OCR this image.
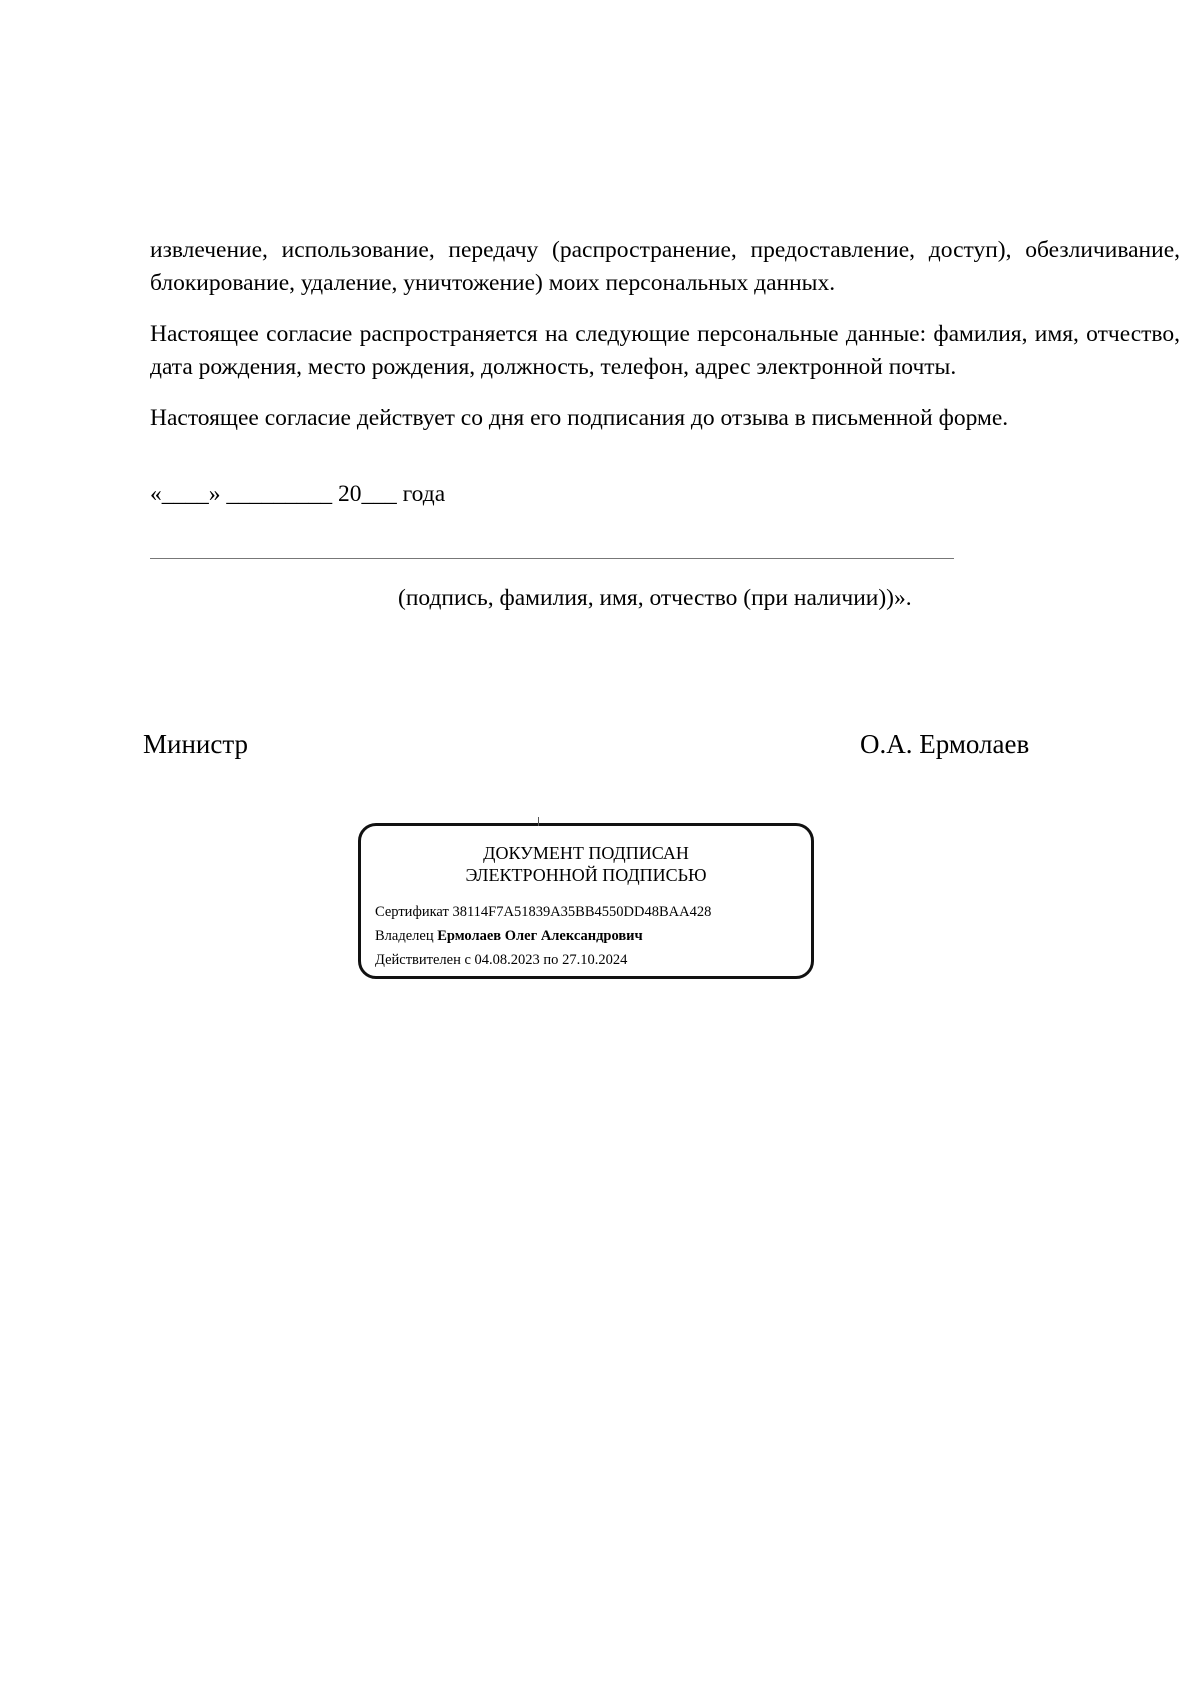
извлечение, использование, передачу (распространение, предоставление, доступ), обезличивание, блокирование, удаление, уничтожение) моих персональных данных.
Настоящее согласие распространяется на следующие персональные данные: фамилия, имя, отчество, дата рождения, место рождения, должность, телефон, адрес электронной почты.
Настоящее согласие действует со дня его подписания до отзыва в письменной форме.
«____» _________ 20___ года
(подпись, фамилия, имя, отчество (при наличии))».
Министр	О.А. Ермолаев
ДОКУМЕНТ ПОДПИСАН
ЭЛЕКТРОННОЙ ПОДПИСЬЮ
Сертификат 38114F7A51839A35BB4550DD48BAA428
Владелец Ермолаев Олег Александрович
Действителен с 04.08.2023 по 27.10.2024
